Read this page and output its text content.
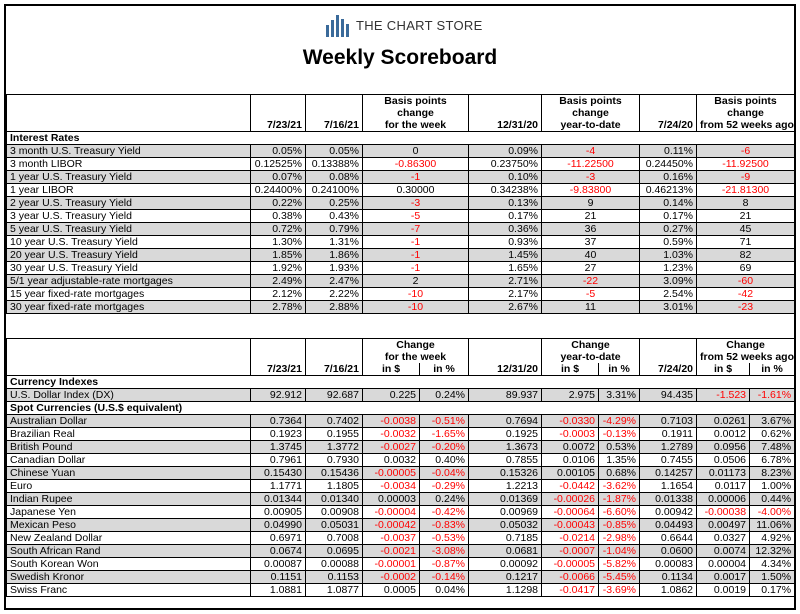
THE CHART STORE
Weekly Scoreboard
			Basis points		Basis points		Basis points
			change		change		change
	7/23/21	7/16/21	for the week	12/31/20	year-to-date	7/24/20	from 52 weeks ago
Interest Rates							
3 month U.S. Treasury Yield	0.05%	0.05%	0	0.09%	-4	0.11%	-6
3 month LIBOR	0.12525%	0.13388%	-0.86300	0.23750%	-11.22500	0.24450%	-11.92500
1 year U.S. Treasury Yield	0.07%	0.08%	-1	0.10%	-3	0.16%	-9
1 year LIBOR	0.24400%	0.24100%	0.30000	0.34238%	-9.83800	0.46213%	-21.81300
2 year U.S. Treasury Yield	0.22%	0.25%	-3	0.13%	9	0.14%	8
3 year U.S. Treasury Yield	0.38%	0.43%	-5	0.17%	21	0.17%	21
5 year U.S. Treasury Yield	0.72%	0.79%	-7	0.36%	36	0.27%	45
10 year U.S. Treasury Yield	1.30%	1.31%	-1	0.93%	37	0.59%	71
20 year U.S. Treasury Yield	1.85%	1.86%	-1	1.45%	40	1.03%	82
30 year U.S. Treasury Yield	1.92%	1.93%	-1	1.65%	27	1.23%	69
5/1 year adjustable-rate mortgages	2.49%	2.47%	2	2.71%	-22	3.09%	-60
15 year fixed-rate mortgages	2.12%	2.22%	-10	2.17%	-5	2.54%	-42
30 year fixed-rate mortgages	2.78%	2.88%	-10	2.67%	11	3.01%	-23
			Change			Change			Change	
			for the week			year-to-date			from 52 weeks ago	
	7/23/21	7/16/21	in $	in %	12/31/20	in $	in %	7/24/20	in $	in %
Currency Indexes										
U.S. Dollar Index (DX)	92.912	92.687	0.225	0.24%	89.937	2.975	3.31%	94.435	-1.523	-1.61%
Spot Currencies (U.S.$ equivalent)										
Australian Dollar	0.7364	0.7402	-0.0038	-0.51%	0.7694	-0.0330	-4.29%	0.7103	0.0261	3.67%
Brazilian Real	0.1923	0.1955	-0.0032	-1.65%	0.1925	-0.0003	-0.13%	0.1911	0.0012	0.62%
British Pound	1.3745	1.3772	-0.0027	-0.20%	1.3673	0.0072	0.53%	1.2789	0.0956	7.48%
Canadian Dollar	0.7961	0.7930	0.0032	0.40%	0.7855	0.0106	1.35%	0.7455	0.0506	6.78%
Chinese Yuan	0.15430	0.15436	-0.00005	-0.04%	0.15326	0.00105	0.68%	0.14257	0.01173	8.23%
Euro	1.1771	1.1805	-0.0034	-0.29%	1.2213	-0.0442	-3.62%	1.1654	0.0117	1.00%
Indian Rupee	0.01344	0.01340	0.00003	0.24%	0.01369	-0.00026	-1.87%	0.01338	0.00006	0.44%
Japanese Yen	0.00905	0.00908	-0.00004	-0.42%	0.00969	-0.00064	-6.60%	0.00942	-0.00038	-4.00%
Mexican Peso	0.04990	0.05031	-0.00042	-0.83%	0.05032	-0.00043	-0.85%	0.04493	0.00497	11.06%
New Zealand Dollar	0.6971	0.7008	-0.0037	-0.53%	0.7185	-0.0214	-2.98%	0.6644	0.0327	4.92%
South African Rand	0.0674	0.0695	-0.0021	-3.08%	0.0681	-0.0007	-1.04%	0.0600	0.0074	12.32%
South Korean Won	0.00087	0.00088	-0.00001	-0.87%	0.00092	-0.00005	-5.82%	0.00083	0.00004	4.34%
Swedish Kronor	0.1151	0.1153	-0.0002	-0.14%	0.1217	-0.0066	-5.45%	0.1134	0.0017	1.50%
Swiss Franc	1.0881	1.0877	0.0005	0.04%	1.1298	-0.0417	-3.69%	1.0862	0.0019	0.17%
